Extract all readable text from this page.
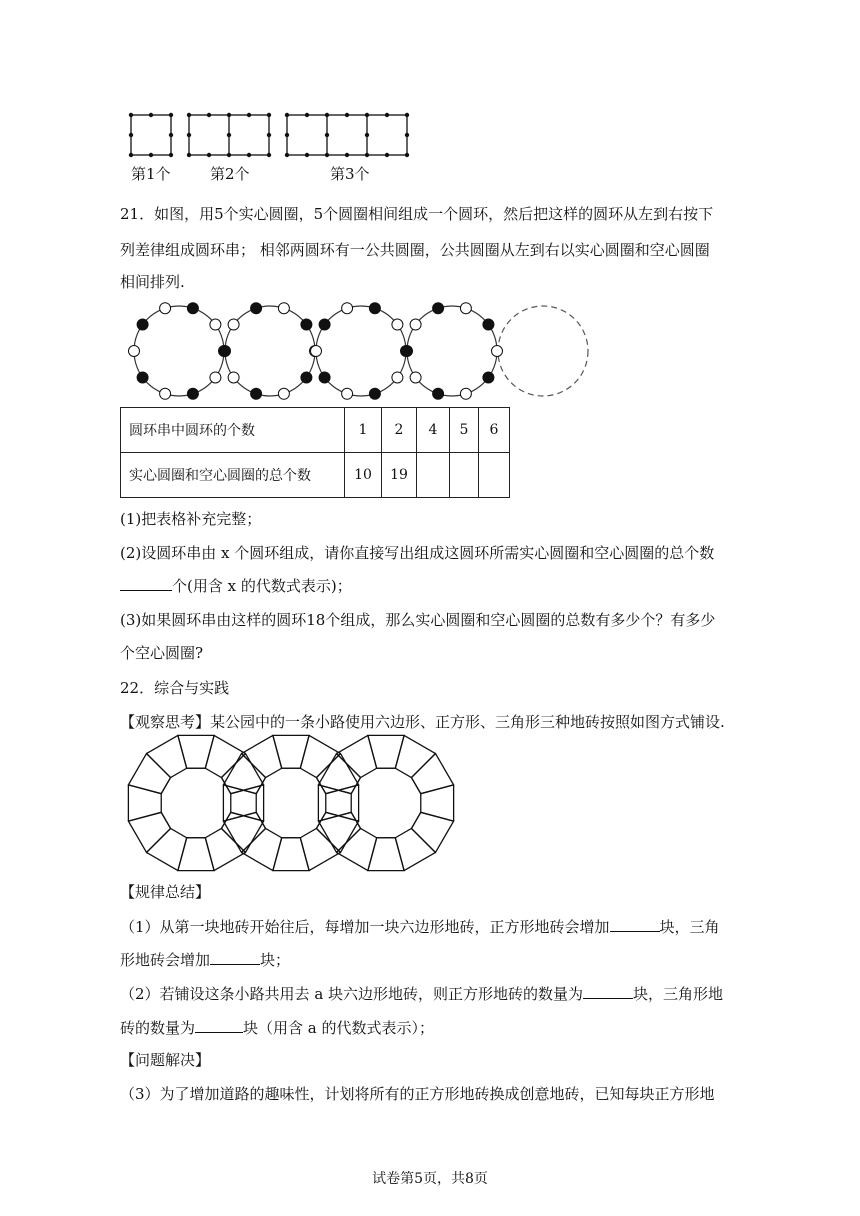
第1个	第2个	第3个
21．如图，用5个实心圆圈，5个圆圈相间组成一个圆环，然后把这样的圆环从左到右按下
列差律组成圆环串； 相邻两圆环有一公共圆圈，公共圆圈从左到右以实心圆圈和空心圆圈
相间排列.
圆环串中圆环的个数	1	2	4	5	6
实心圆圈和空心圆圈的总个数	10	19			
(1)把表格补充完整；
(2)设圆环串由 x 个圆环组成，请你直接写出组成这圆环所需实心圆圈和空心圆圈的总个数
个(用含 x 的代数式表示)；
(3)如果圆环串由这样的圆环18个组成，那么实心圆圈和空心圆圈的总数有多少个？有多少
个空心圆圈?
22．综合与实践
【观察思考】某公园中的一条小路使用六边形、正方形、三角形三种地砖按照如图方式铺设.
【规律总结】
（1）从第一块地砖开始往后，每增加一块六边形地砖，正方形地砖会增加	块，三角
形地砖会增加	块；
（2）若铺设这条小路共用去 a 块六边形地砖，则正方形地砖的数量为	块，三角形地
砖的数量为	块（用含 a 的代数式表示）；
【问题解决】
（3）为了增加道路的趣味性，计划将所有的正方形地砖换成创意地砖，已知每块正方形地
试卷第5页，共8页
